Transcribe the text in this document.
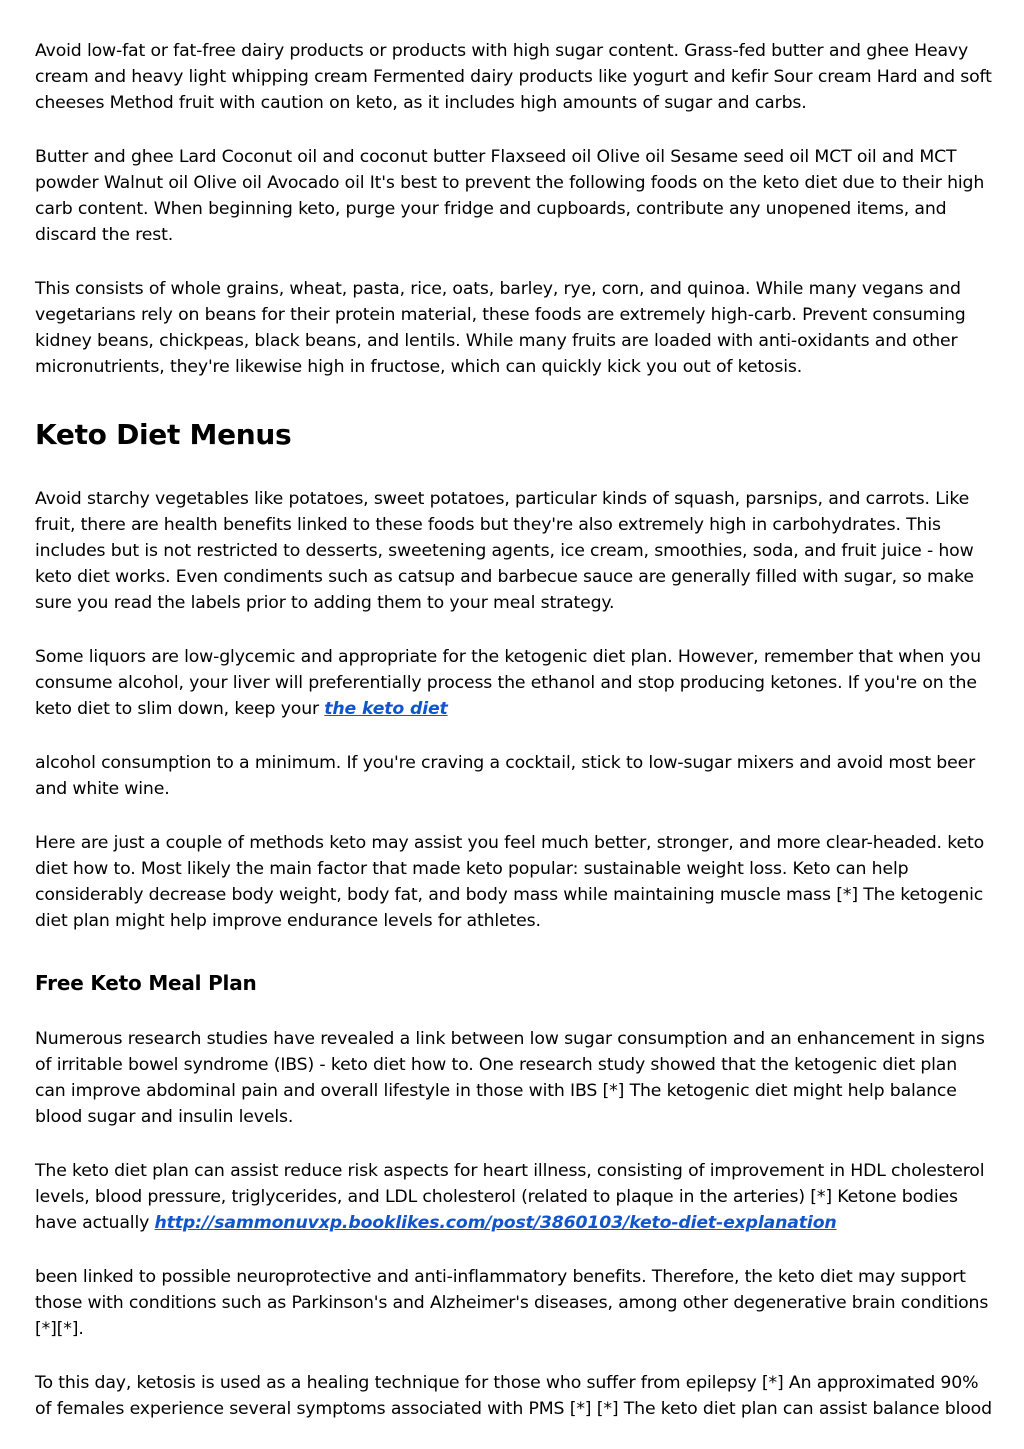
Avoid low-fat or fat-free dairy products or products with high sugar content. Grass-fed butter and ghee Heavy cream and heavy light whipping cream Fermented dairy products like yogurt and kefir Sour cream Hard and soft cheeses Method fruit with caution on keto, as it includes high amounts of sugar and carbs.

Butter and ghee Lard Coconut oil and coconut butter Flaxseed oil Olive oil Sesame seed oil MCT oil and MCT powder Walnut oil Olive oil Avocado oil It's best to prevent the following foods on the keto diet due to their high carb content. When beginning keto, purge your fridge and cupboards, contribute any unopened items, and discard the rest.

This consists of whole grains, wheat, pasta, rice, oats, barley, rye, corn, and quinoa. While many vegans and vegetarians rely on beans for their protein material, these foods are extremely high-carb. Prevent consuming kidney beans, chickpeas, black beans, and lentils. While many fruits are loaded with anti-oxidants and other micronutrients, they're likewise high in fructose, which can quickly kick you out of ketosis.

Keto Diet Menus

Avoid starchy vegetables like potatoes, sweet potatoes, particular kinds of squash, parsnips, and carrots. Like fruit, there are health benefits linked to these foods but they're also extremely high in carbohydrates. This includes but is not restricted to desserts, sweetening agents, ice cream, smoothies, soda, and fruit juice - how keto diet works. Even condiments such as catsup and barbecue sauce are generally filled with sugar, so make sure you read the labels prior to adding them to your meal strategy.

Some liquors are low-glycemic and appropriate for the ketogenic diet plan. However, remember that when you consume alcohol, your liver will preferentially process the ethanol and stop producing ketones. If you're on the keto diet to slim down, keep your the keto diet

alcohol consumption to a minimum. If you're craving a cocktail, stick to low-sugar mixers and avoid most beer and white wine.

Here are just a couple of methods keto may assist you feel much better, stronger, and more clear-headed. keto diet how to. Most likely the main factor that made keto popular: sustainable weight loss. Keto can help considerably decrease body weight, body fat, and body mass while maintaining muscle mass [*] The ketogenic diet plan might help improve endurance levels for athletes.

Free Keto Meal Plan

Numerous research studies have revealed a link between low sugar consumption and an enhancement in signs of irritable bowel syndrome (IBS) - keto diet how to. One research study showed that the ketogenic diet plan can improve abdominal pain and overall lifestyle in those with IBS [*] The ketogenic diet might help balance blood sugar and insulin levels.

The keto diet plan can assist reduce risk aspects for heart illness, consisting of improvement in HDL cholesterol levels, blood pressure, triglycerides, and LDL cholesterol (related to plaque in the arteries) [*] Ketone bodies have actually http://sammonuvxp.booklikes.com/post/3860103/keto-diet-explanation

been linked to possible neuroprotective and anti-inflammatory benefits. Therefore, the keto diet may support those with conditions such as Parkinson's and Alzheimer's diseases, among other degenerative brain conditions [*][*].

To this day, ketosis is used as a healing technique for those who suffer from epilepsy [*] An approximated 90% of females experience several symptoms associated with PMS [*] [*] The keto diet plan can assist balance blood
